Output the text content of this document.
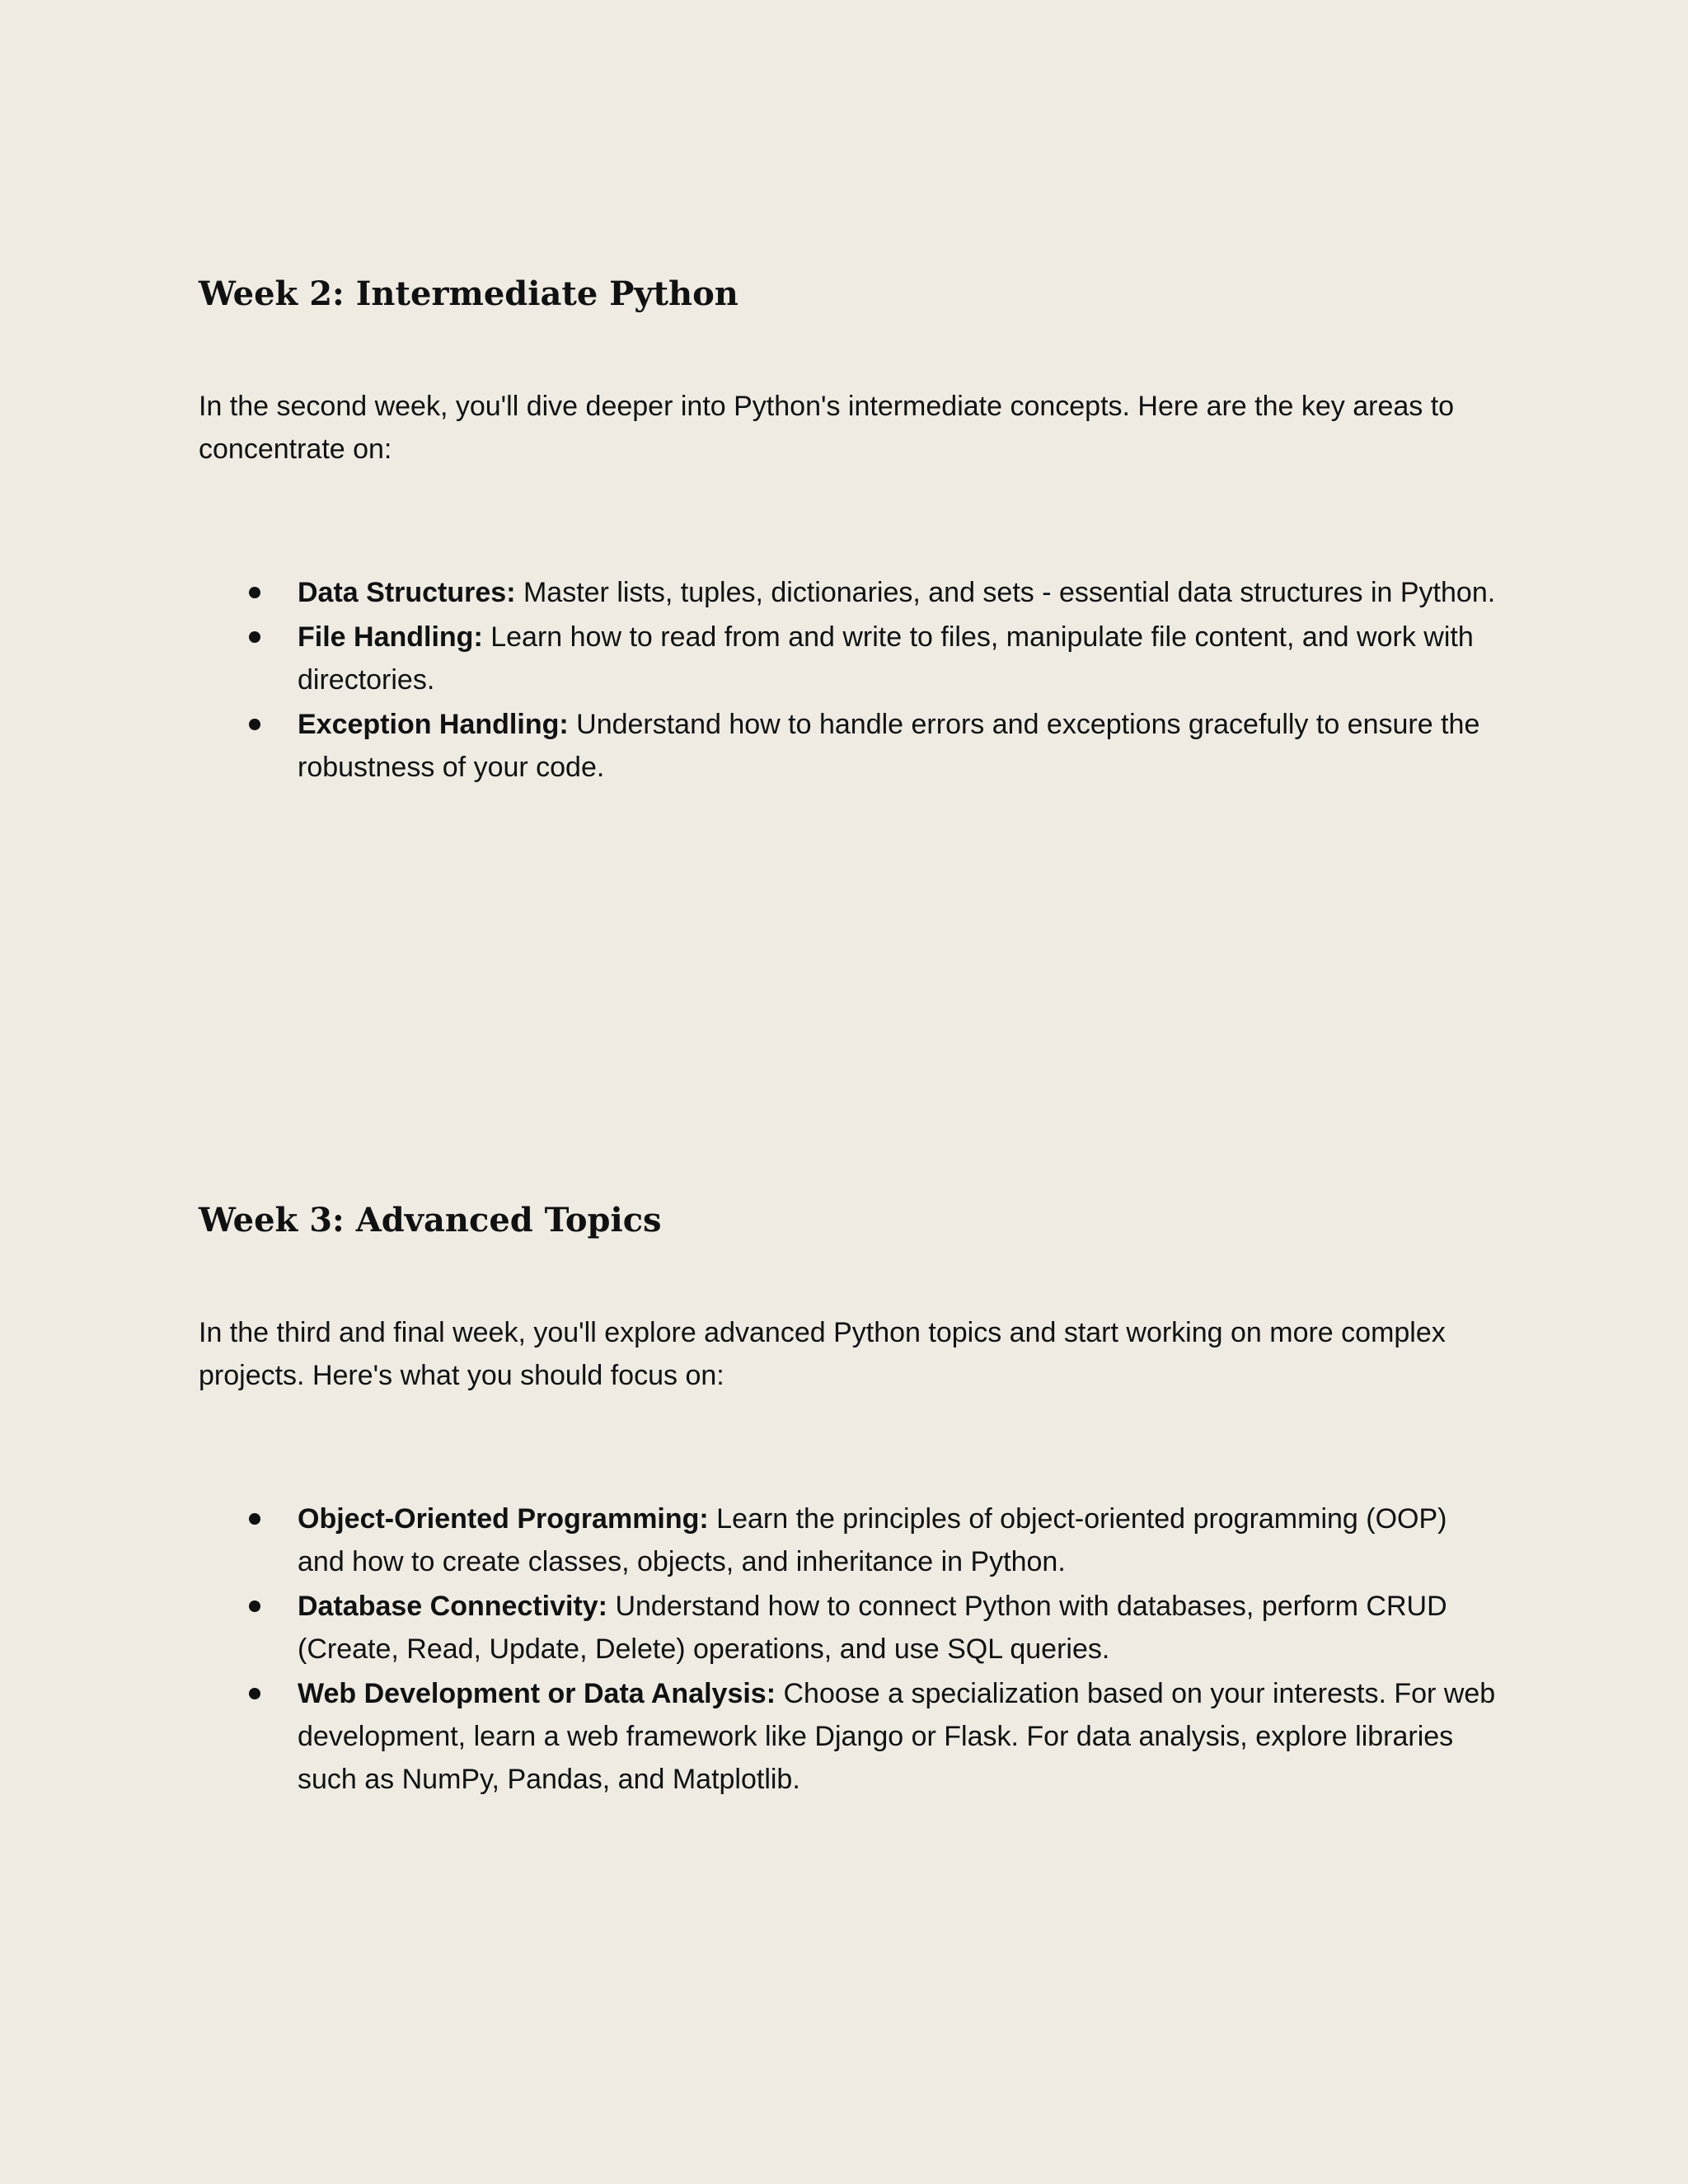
Week 2: Intermediate Python

In the second week, you'll dive deeper into Python's intermediate concepts. Here are the key areas to concentrate on:

Data Structures: Master lists, tuples, dictionaries, and sets - essential data structures in Python.
File Handling: Learn how to read from and write to files, manipulate file content, and work with directories.
Exception Handling: Understand how to handle errors and exceptions gracefully to ensure the robustness of your code.
Week 3: Advanced Topics

In the third and final week, you'll explore advanced Python topics and start working on more complex projects. Here's what you should focus on:

Object-Oriented Programming: Learn the principles of object-oriented programming (OOP) and how to create classes, objects, and inheritance in Python.
Database Connectivity: Understand how to connect Python with databases, perform CRUD (Create, Read, Update, Delete) operations, and use SQL queries.
Web Development or Data Analysis: Choose a specialization based on your interests. For web development, learn a web framework like Django or Flask. For data analysis, explore libraries such as NumPy, Pandas, and Matplotlib.
